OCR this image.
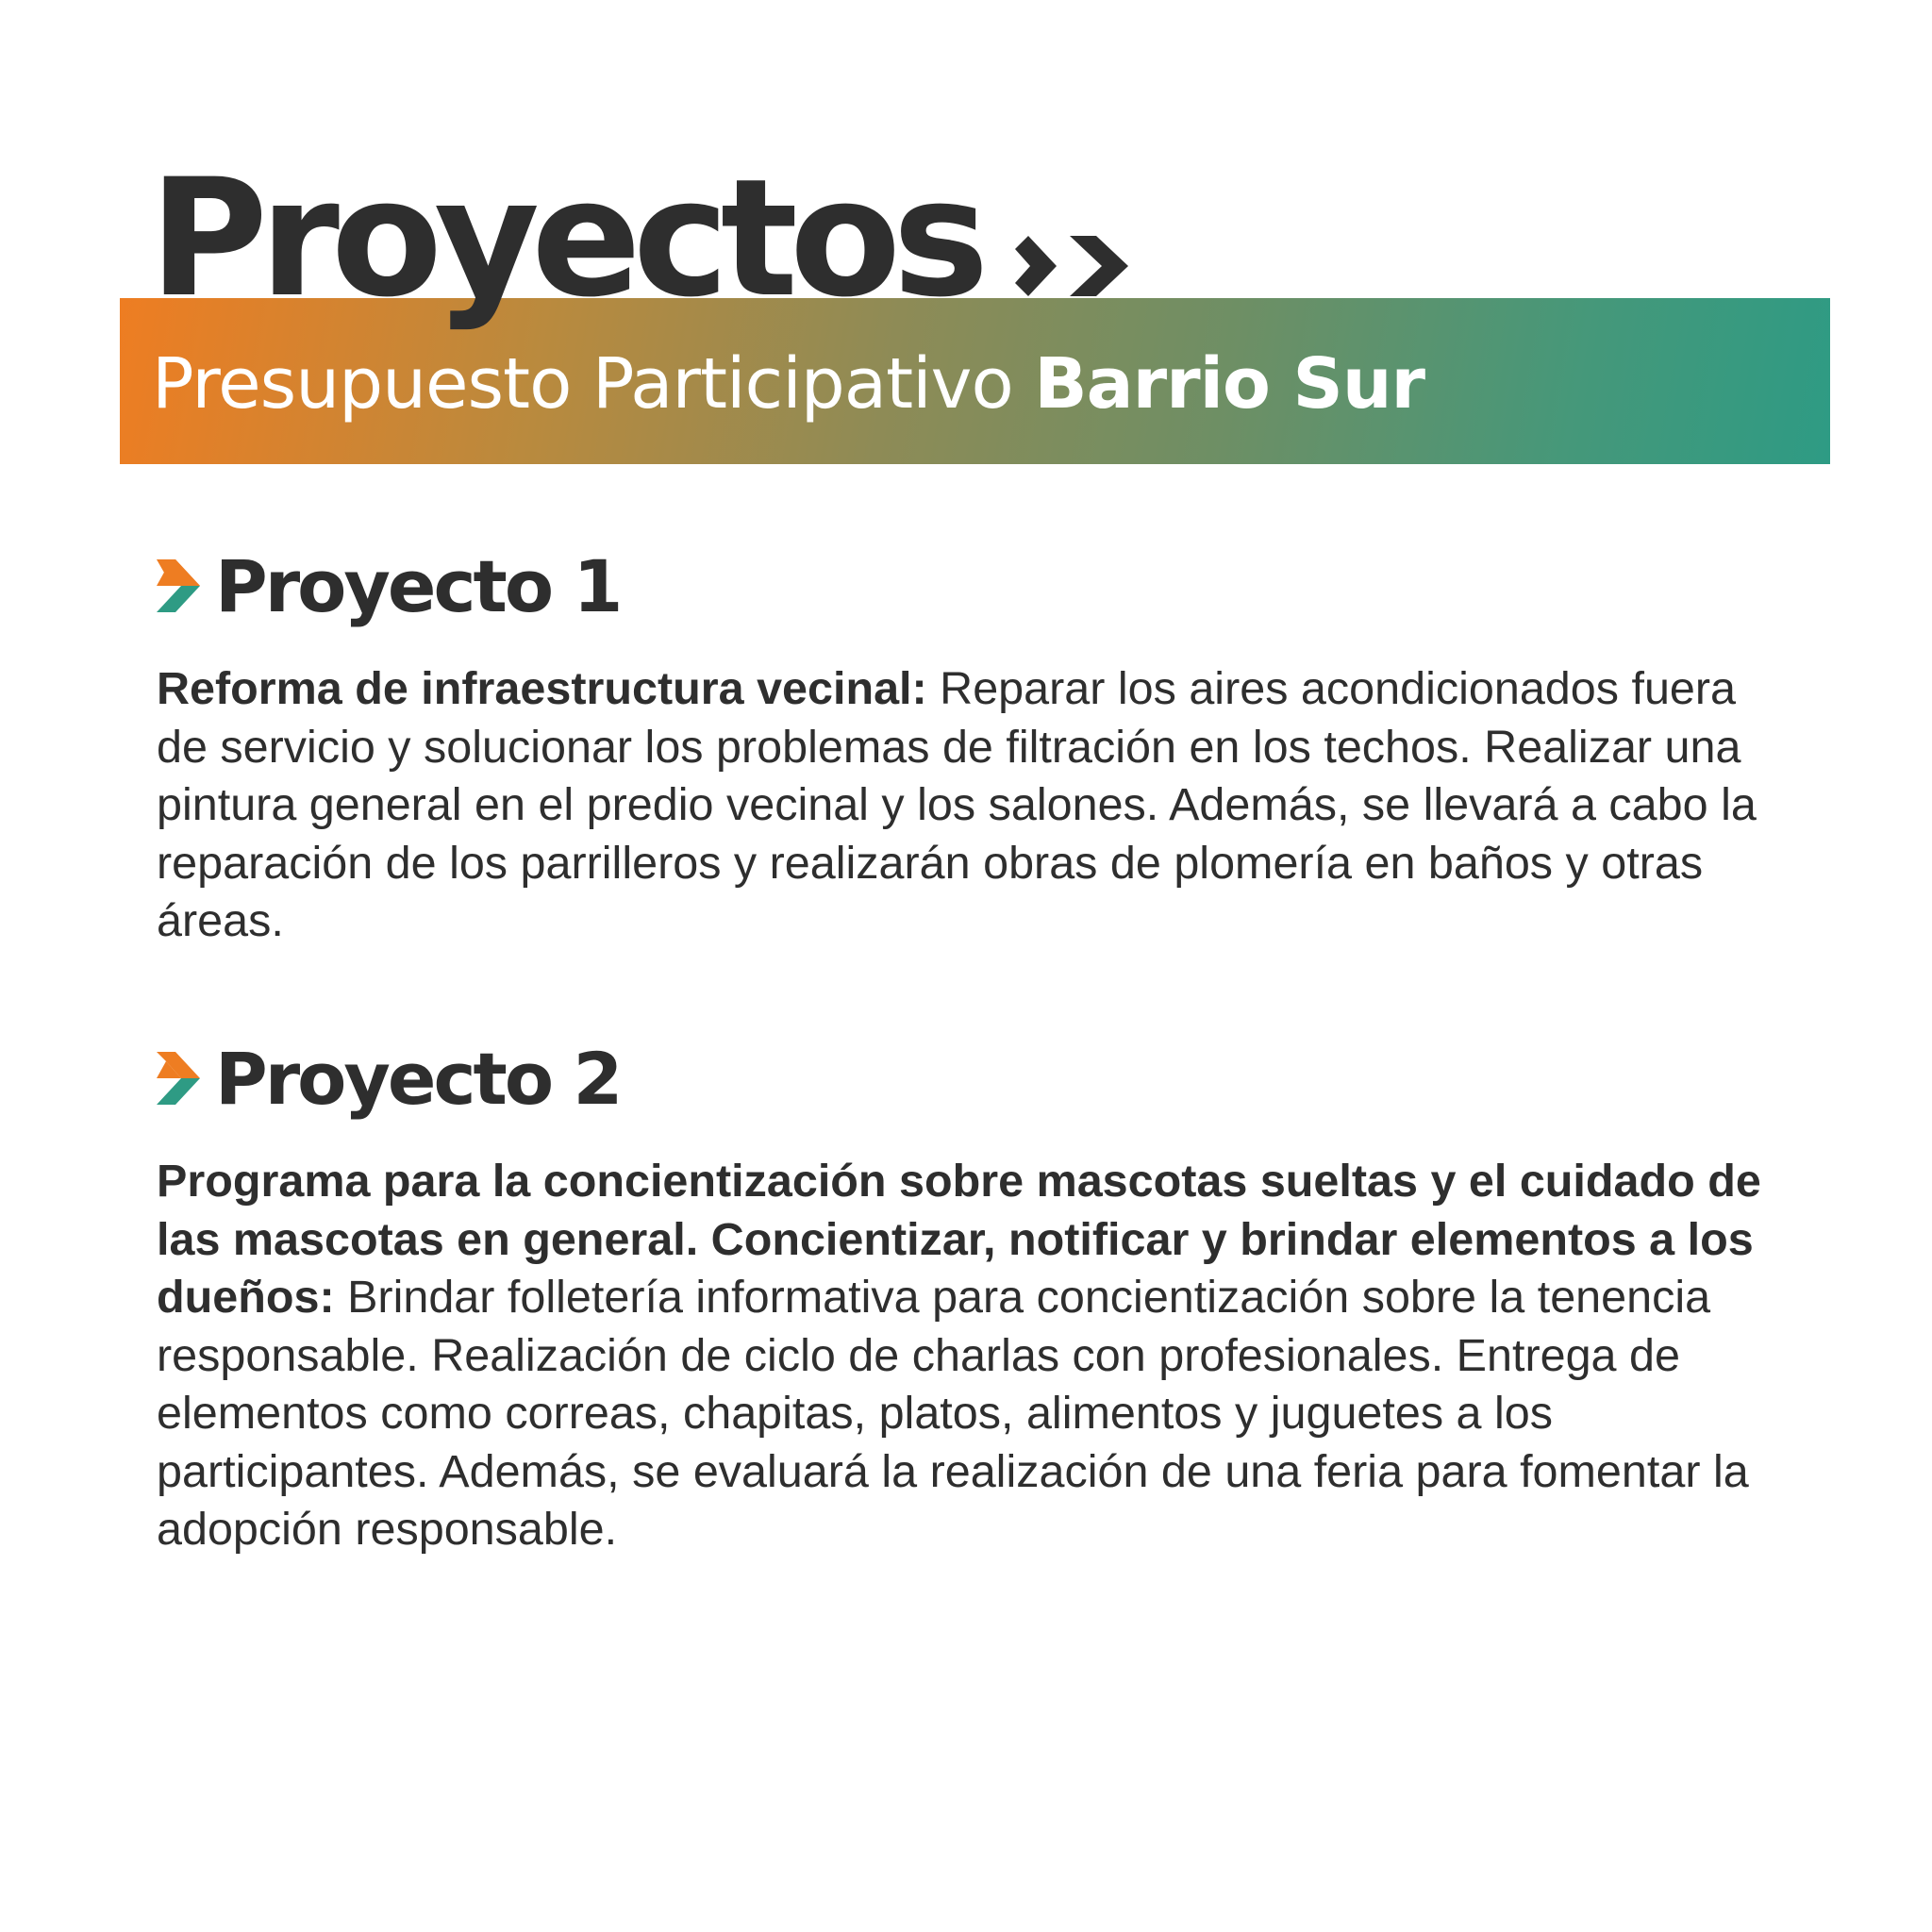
Proyectos

Presupuesto Participativo Barrio Sur

Proyecto 1

Reforma de infraestructura vecinal: Reparar los aires acondicionados fuera de servicio y solucionar los problemas de filtración en los techos. Realizar una pintura general en el predio vecinal y los salones. Además, se llevará a cabo la reparación de los parrilleros y realizarán obras de plomería en baños y otras áreas.

Proyecto 2

Programa para la concientización sobre mascotas sueltas y el cuidado de las mascotas en general. Concientizar, notificar y brindar elementos a los dueños: Brindar folletería informativa para concientización sobre la tenencia responsable. Realización de ciclo de charlas con profesionales. Entrega de elementos como correas, chapitas, platos, alimentos y juguetes a los participantes. Además, se evaluará la realización de una feria para fomentar la adopción responsable.
